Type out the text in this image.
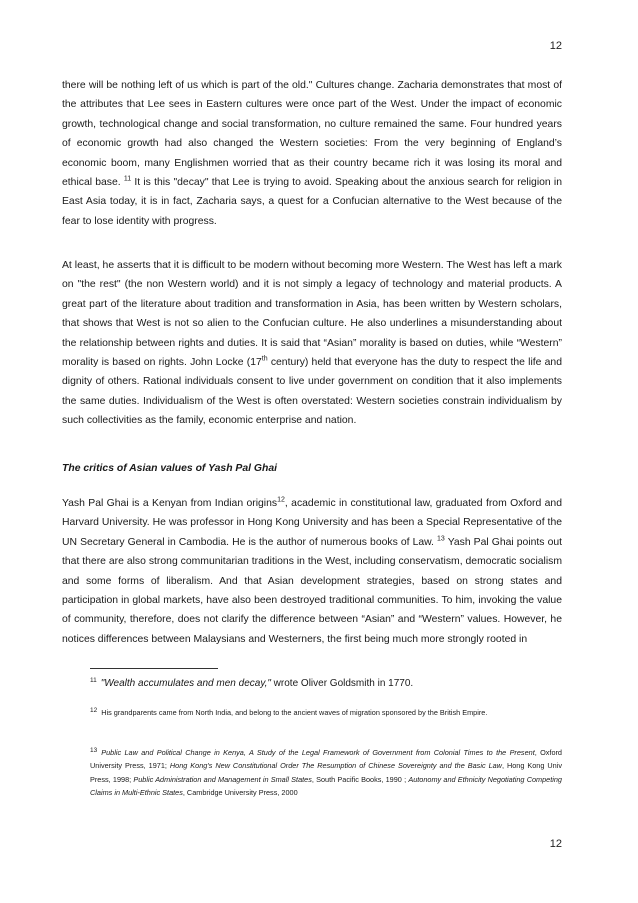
12

there will be nothing left of us which is part of the old." Cultures change. Zacharia demonstrates that most of the attributes that Lee sees in Eastern cultures were once part of the West. Under the impact of economic growth, technological change and social transformation, no culture remained the same. Four hundred years of economic growth had also changed the Western societies: From the very beginning of England’s economic boom, many Englishmen worried that as their country became rich it was losing its moral and ethical base. $^{11}$ It is this "decay" that Lee is trying to avoid. Speaking about the anxious search for religion in East Asia today, it is in fact, Zacharia says, a quest for a Confucian alternative to the West because of the fear to lose identity with progress.

At least, he asserts that it is difficult to be modern without becoming more Western. The West has left a mark on "the rest" (the non Western world) and it is not simply a legacy of technology and material products. A great part of the literature about tradition and transformation in Asia, has been written by Western scholars, that shows that West is not so alien to the Confucian culture. He also underlines a misunderstanding about the relationship between rights and duties. It is said that “Asian” morality is based on duties, while “Western” morality is based on rights. John Locke (17th century) held that everyone has the duty to respect the life and dignity of others. Rational individuals consent to live under government on condition that it also implements the same duties. Individualism of the West is often overstated: Western societies constrain individualism by such collectivities as the family, economic enterprise and nation.

The critics of Asian values of Yash Pal Ghai

Yash Pal Ghai is a Kenyan from Indian origins$^{12}$, academic in constitutional law, graduated from Oxford and Harvard University. He was professor in Hong Kong University and has been a Special Representative of the UN Secretary General in Cambodia. He is the author of numerous books of Law. $^{13}$ Yash Pal Ghai points out that there are also strong communitarian traditions in the West, including conservatism, democratic socialism and some forms of liberalism. And that Asian development strategies, based on strong states and participation in global markets, have also been destroyed traditional communities. To him, invoking the value of community, therefore, does not clarify the difference between “Asian” and “Western” values. However, he notices differences between Malaysians and Westerners, the first being much more strongly rooted in

$^{11}$ "Wealth accumulates and men decay," wrote Oliver Goldsmith in 1770.

12 His grandparents came from North India, and belong to the ancient waves of migration sponsored by the British Empire.

13 Public Law and Political Change in Kenya, A Study of the Legal Framework of Government from Colonial Times to the Present, Oxford University Press, 1971; Hong Kong's New Constitutional Order The Resumption of Chinese Sovereignty and the Basic Law, Hong Kong Univ Press, 1998; Public Administration and Management in Small States, South Pacific Books, 1990 ; Autonomy and Ethnicity Negotiating Competing Claims in Multi-Ethnic States, Cambridge University Press, 2000

12
